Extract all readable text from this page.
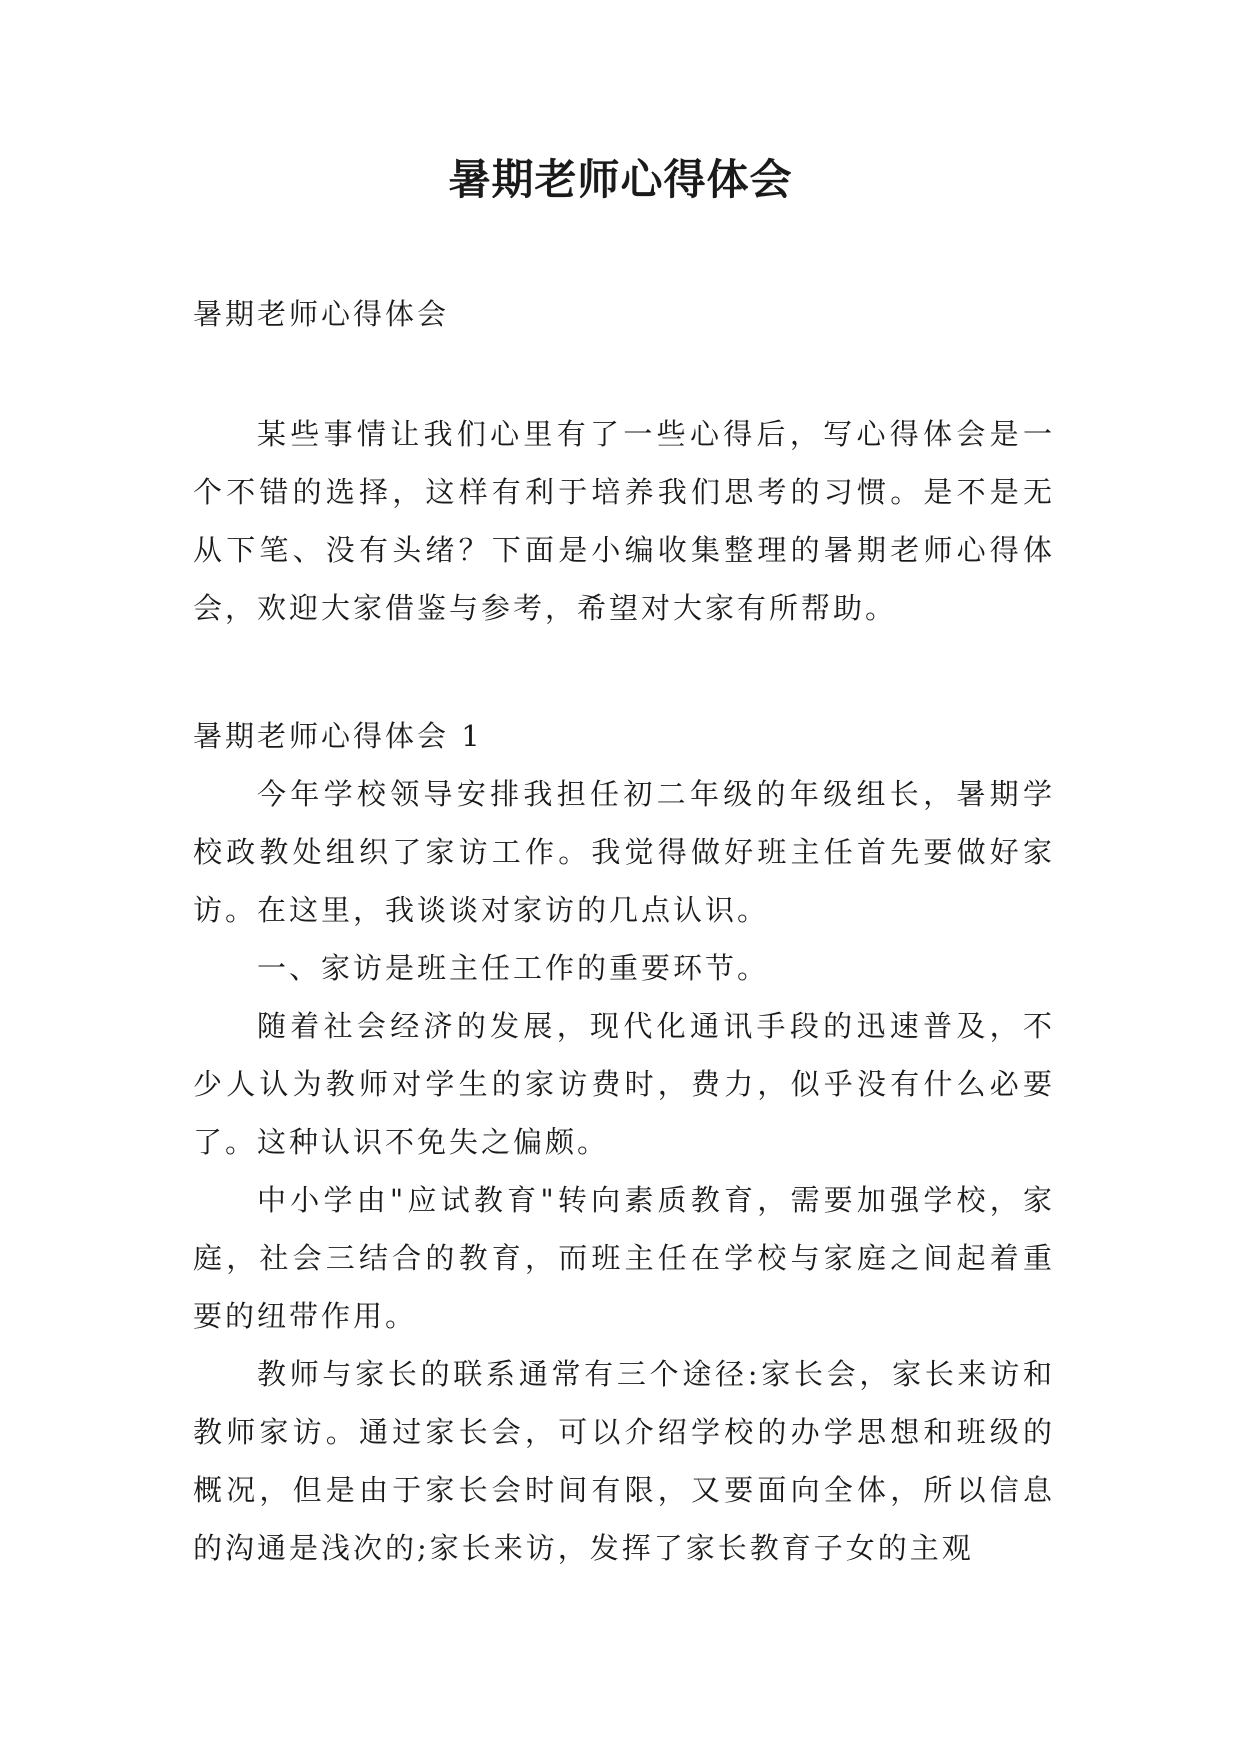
暑期老师心得体会

暑期老师心得体会

某些事情让我们心里有了一些心得后，写心得体会是一个不错的选择，这样有利于培养我们思考的习惯。是不是无从下笔、没有头绪？下面是小编收集整理的暑期老师心得体会，欢迎大家借鉴与参考，希望对大家有所帮助。

暑期老师心得体会 1

今年学校领导安排我担任初二年级的年级组长，暑期学校政教处组织了家访工作。我觉得做好班主任首先要做好家访。在这里，我谈谈对家访的几点认识。

一、家访是班主任工作的重要环节。

随着社会经济的发展，现代化通讯手段的迅速普及，不少人认为教师对学生的家访费时，费力，似乎没有什么必要了。这种认识不免失之偏颇。

中小学由"应试教育"转向素质教育，需要加强学校，家庭，社会三结合的教育，而班主任在学校与家庭之间起着重要的纽带作用。

教师与家长的联系通常有三个途径:家长会，家长来访和教师家访。通过家长会，可以介绍学校的办学思想和班级的概况，但是由于家长会时间有限，又要面向全体，所以信息的沟通是浅次的;家长来访，发挥了家长教育子女的主观
